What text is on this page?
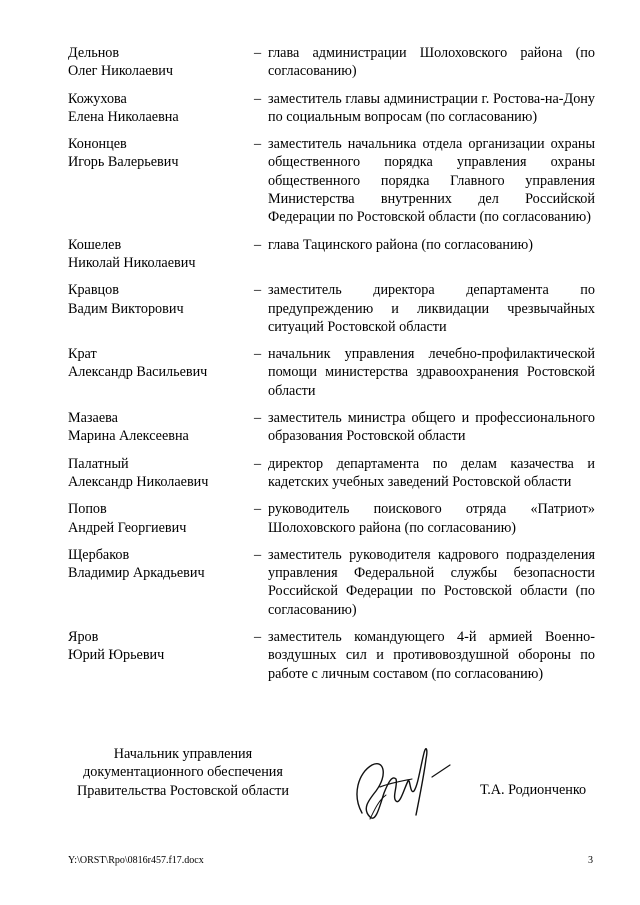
Дельнов
Олег Николаевич
– глава администрации Шолоховского района (по согласованию)
Кожухова
Елена Николаевна
– заместитель главы администрации г. Ростова-на-Дону по социальным вопросам (по согласованию)
Кононцев
Игорь Валерьевич
– заместитель начальника отдела организации охраны общественного порядка управления охраны общественного порядка Главного управления Министерства внутренних дел Российской Федерации по Ростовской области (по согласованию)
Кошелев
Николай Николаевич
– глава Тацинского района (по согласованию)
Кравцов
Вадим Викторович
– заместитель директора департамента по предупреждению и ликвидации чрезвычайных ситуаций Ростовской области
Крат
Александр Васильевич
– начальник управления лечебно-профилактической помощи министерства здравоохранения Ростовской области
Мазаева
Марина Алексеевна
– заместитель министра общего и профессионального образования Ростовской области
Палатный
Александр Николаевич
– директор департамента по делам казачества и кадетских учебных заведений Ростовской области
Попов
Андрей Георгиевич
– руководитель поискового отряда «Патриот» Шолоховского района (по согласованию)
Щербаков
Владимир Аркадьевич
– заместитель руководителя кадрового подразделения управления Федеральной службы безопасности Российской Федерации по Ростовской области (по согласованию)
Яров
Юрий Юрьевич
– заместитель командующего 4-й армией Военно-воздушных сил и противовоздушной обороны по работе с личным составом (по согласованию)
Начальник управления
документационного обеспечения
Правительства Ростовской области	Т.А. Родионченко
Y:\ORST\Rpo\0816r457.f17.docx	3
